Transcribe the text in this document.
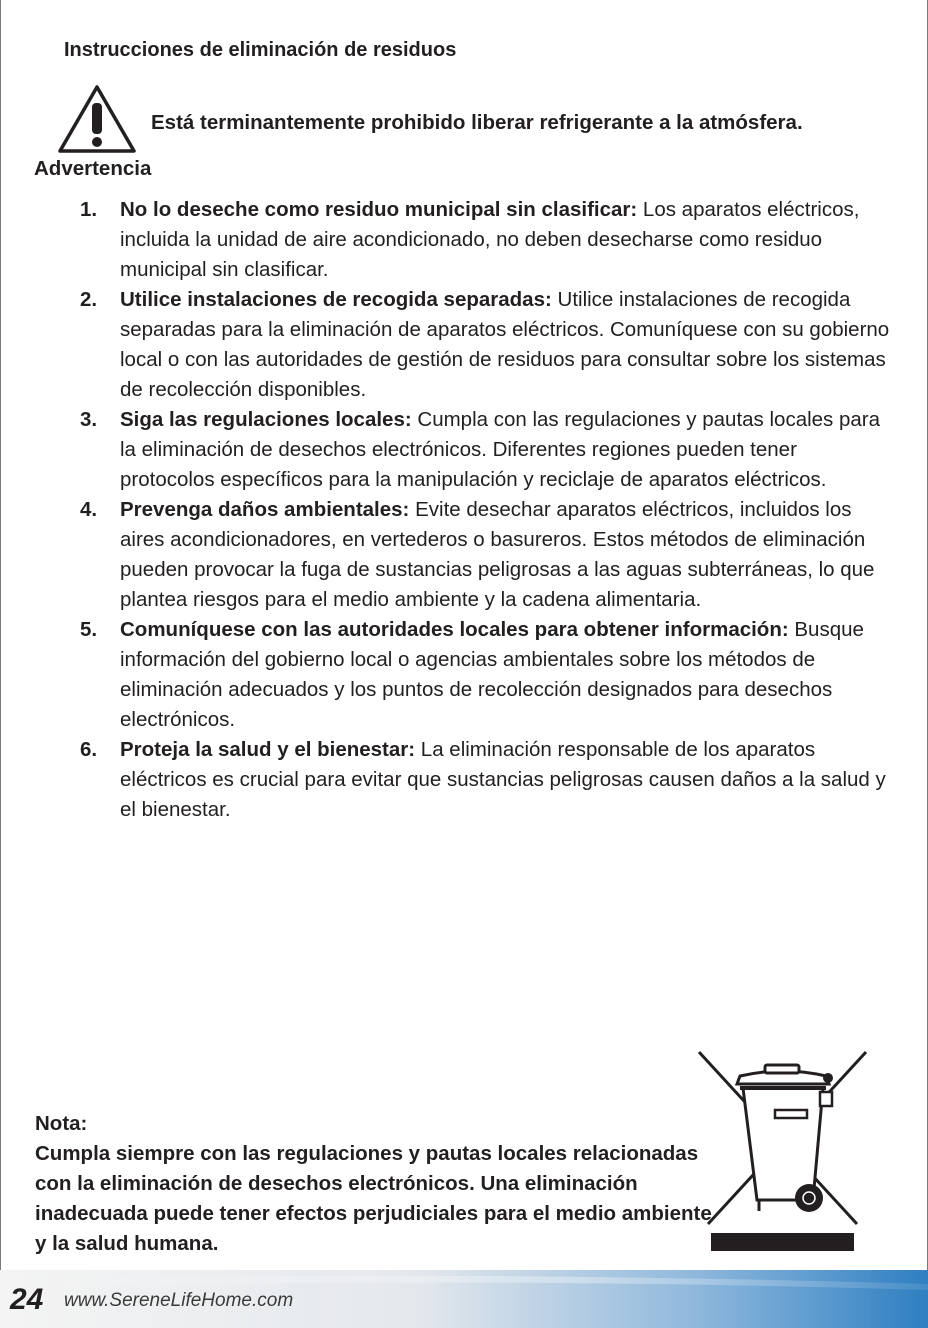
Instrucciones de eliminación de residuos
Está terminantemente prohibido liberar refrigerante a la atmósfera.
Advertencia
1. No lo deseche como residuo municipal sin clasificar: Los aparatos eléctricos, incluida la unidad de aire acondicionado, no deben desecharse como residuo municipal sin clasificar.
2. Utilice instalaciones de recogida separadas: Utilice instalaciones de recogida separadas para la eliminación de aparatos eléctricos. Comuníquese con su gobierno local o con las autoridades de gestión de residuos para consultar sobre los sistemas de recolección disponibles.
3. Siga las regulaciones locales: Cumpla con las regulaciones y pautas locales para la eliminación de desechos electrónicos. Diferentes regiones pueden tener protocolos específicos para la manipulación y reciclaje de aparatos eléctricos.
4. Prevenga daños ambientales: Evite desechar aparatos eléctricos, incluidos los aires acondicionadores, en vertederos o basureros. Estos métodos de eliminación pueden provocar la fuga de sustancias peligrosas a las aguas subterráneas, lo que plantea riesgos para el medio ambiente y la cadena alimentaria.
5. Comuníquese con las autoridades locales para obtener información: Busque información del gobierno local o agencias ambientales sobre los métodos de eliminación adecuados y los puntos de recolección designados para desechos electrónicos.
6. Proteja la salud y el bienestar: La eliminación responsable de los aparatos eléctricos es crucial para evitar que sustancias peligrosas causen daños a la salud y el bienestar.
Nota:
Cumpla siempre con las regulaciones y pautas locales relacionadas con la eliminación de desechos electrónicos. Una eliminación inadecuada puede tener efectos perjudiciales para el medio ambiente y la salud humana.
24 www.SereneLifeHome.com
